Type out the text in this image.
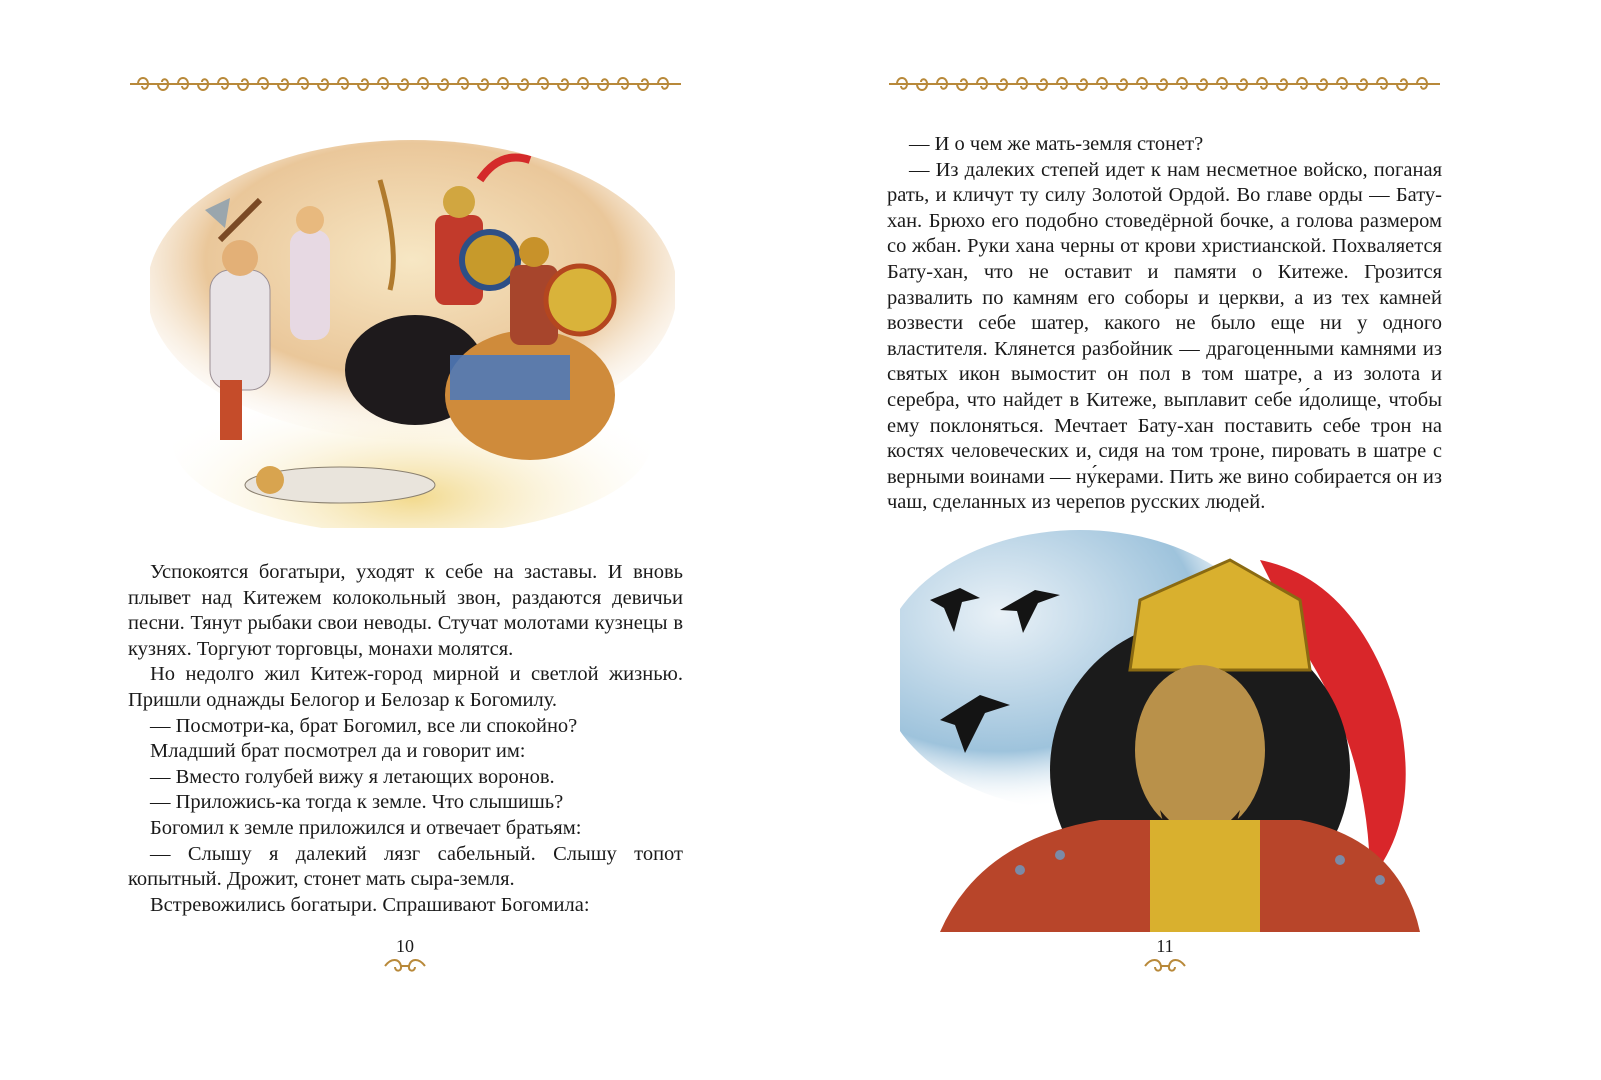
Успокоятся богатыри, уходят к себе на заставы. И вновь плывет над Китежем колокольный звон, раздаются девичьи песни. Тянут рыбаки свои неводы. Стучат молотами кузнецы в кузнях. Торгуют торговцы, монахи молятся.

Но недолго жил Китеж-город мирной и светлой жизнью. Пришли однажды Белогор и Белозар к Богомилу.

— Посмотри-ка, брат Богомил, все ли спокойно?

Младший брат посмотрел да и говорит им:

— Вместо голубей вижу я летающих воронов.

— Приложись-ка тогда к земле. Что слышишь?

Богомил к земле приложился и отвечает братьям:

— Слышу я далекий лязг сабельный. Слышу топот копытный. Дрожит, стонет мать сыра-земля.

Встревожились богатыри. Спрашивают Богомила:

10

— И о чем же мать-земля стонет?

— Из далеких степей идет к нам несметное войско, поганая рать, и кличут ту силу Золотой Ордой. Во главе орды — Бату-хан. Брюхо его подобно стоведёрной бочке, а голова размером со жбан. Руки хана черны от крови христианской. Похваляется Бату-хан, что не оставит и памяти о Китеже. Грозится развалить по камням его соборы и церкви, а из тех камней возвести себе шатер, какого не было еще ни у одного властителя. Клянется разбойник — драгоценными камнями из святых икон вымостит он пол в том шатре, а из золота и серебра, что найдет в Китеже, выплавит себе и́долище, чтобы ему поклоняться. Мечтает Бату-хан поставить себе трон на костях человеческих и, сидя на том троне, пировать в шатре с верными воинами — ну́керами. Пить же вино собирается он из чаш, сделанных из черепов русских людей.

11
